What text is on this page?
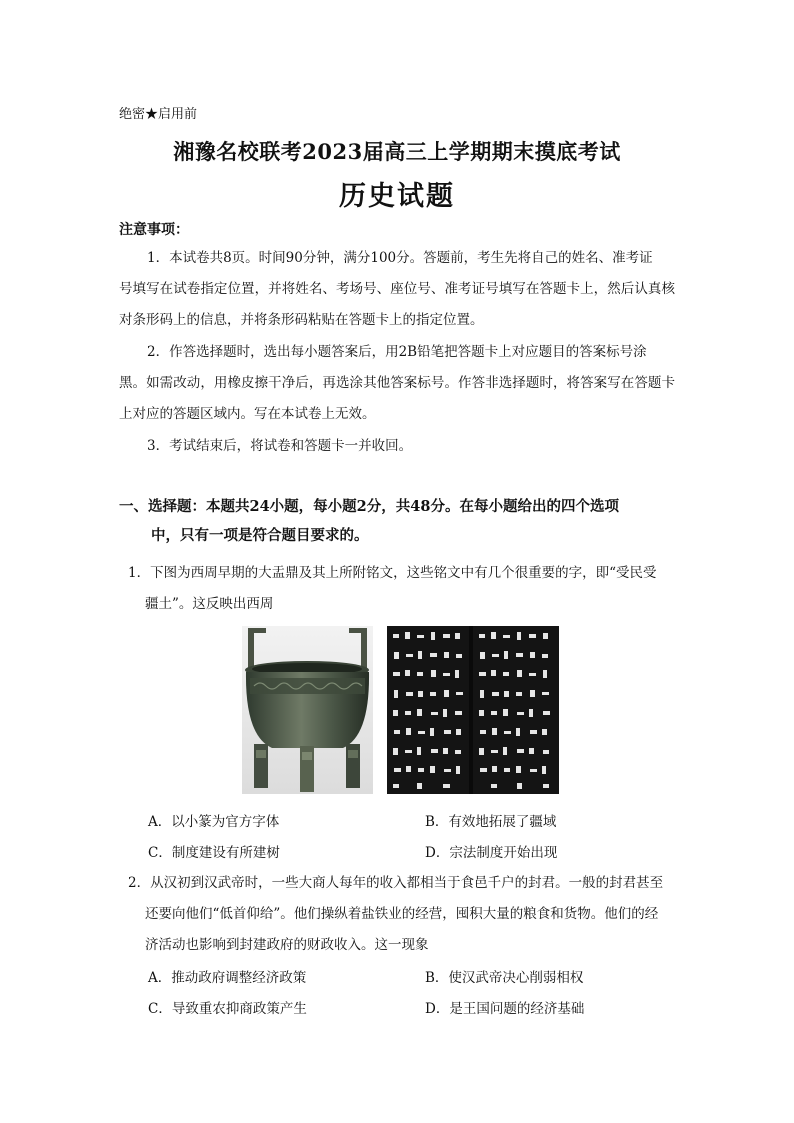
绝密★启用前
湘豫名校联考2023届高三上学期期末摸底考试
历史试题
注意事项：
1．本试卷共8页。时间90分钟，满分100分。答题前，考生先将自己的姓名、准考证
号填写在试卷指定位置，并将姓名、考场号、座位号、准考证号填写在答题卡上，然后认真核对条形码上的信息，并将条形码粘贴在答题卡上的指定位置。
2．作答选择题时，选出每小题答案后，用2B铅笔把答题卡上对应题目的答案标号涂
黑。如需改动，用橡皮擦干净后，再选涂其他答案标号。作答非选择题时，将答案写在答题卡上对应的答题区域内。写在本试卷上无效。
3．考试结束后，将试卷和答题卡一并收回。
一、选择题：本题共24小题，每小题2分，共48分。在每小题给出的四个选项
中，只有一项是符合题目要求的。
1．下图为西周早期的大盂鼎及其上所附铭文，这些铭文中有几个很重要的字，即“受民受
疆土”。这反映出西周
A．以小篆为官方字体	B．有效地拓展了疆域
C．制度建设有所建树	D．宗法制度开始出现
2．从汉初到汉武帝时，一些大商人每年的收入都相当于食邑千户的封君。一般的封君甚至
还要向他们“低首仰给”。他们操纵着盐铁业的经营，囤积大量的粮食和货物。他们的经
济活动也影响到封建政府的财政收入。这一现象
A．推动政府调整经济政策	B．使汉武帝决心削弱相权
C．导致重农抑商政策产生	D．是王国问题的经济基础
